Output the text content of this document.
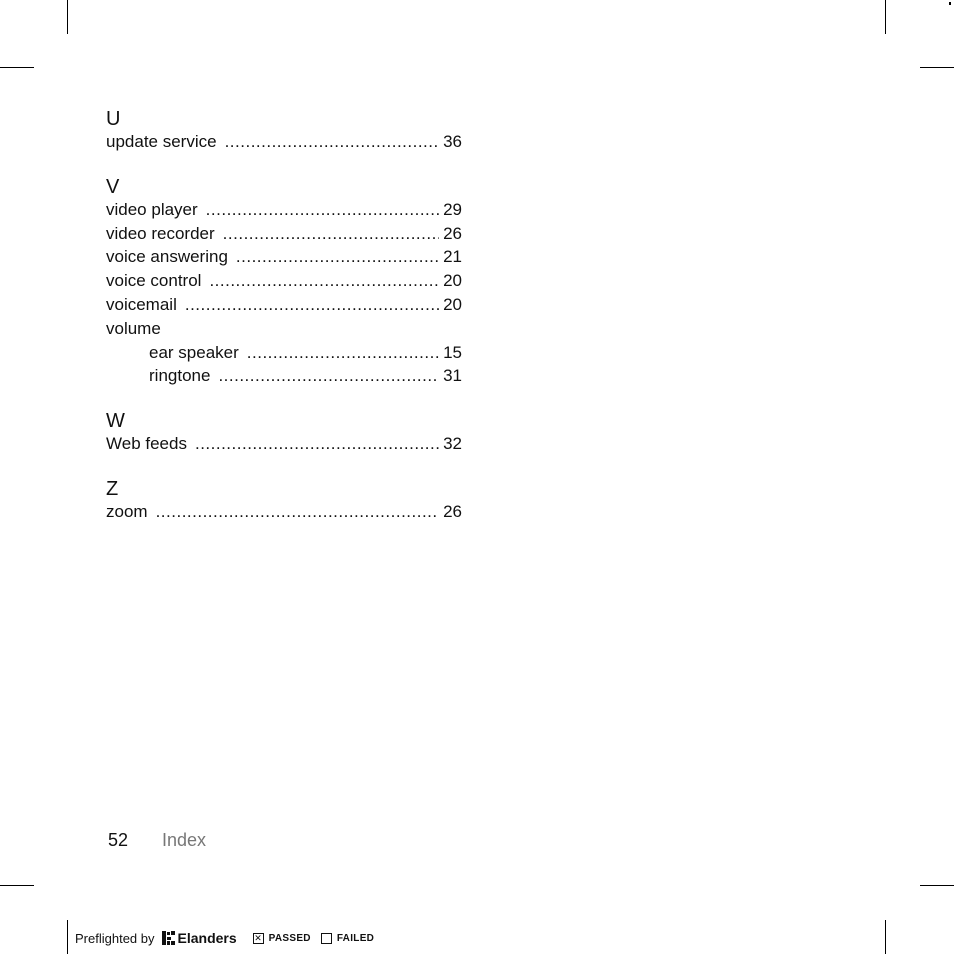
U
update service .....	36
V
video player .....	29
video recorder .....	26
voice answering .....	21
voice control .....	20
voicemail .....	20
volume
ear speaker .....	15
ringtone .....	31
W
Web feeds .....	32
Z
zoom .....	26
52 Index
Preflighted by Elanders ✕ PASSED	FAILED
